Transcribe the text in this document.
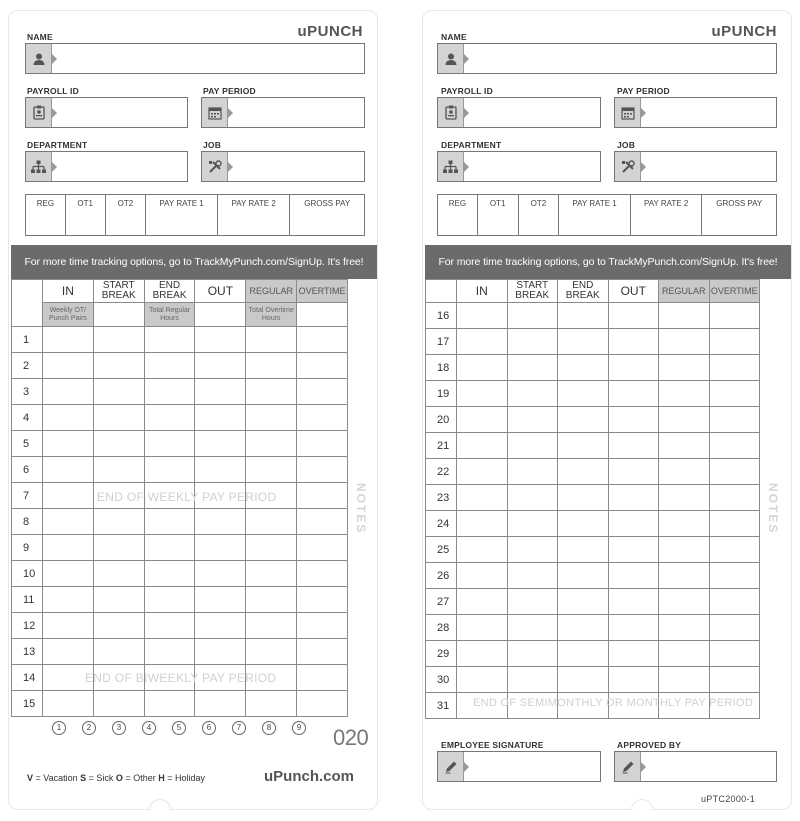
uPUNCH
NAME
PAYROLL ID	PAY PERIOD
DEPARTMENT	JOB
REG	OT1	OT2	PAY RATE 1	PAY RATE 2	GROSS PAY
For more time tracking options, go to TrackMyPunch.com/SignUp. It's free!
	IN	START BREAK	END BREAK	OUT	REGULAR	OVERTIME
	Weekly OT/ Punch Pairs		Total Regular Hours		Total Overtime Hours	
1						
2						
3						
4						
5						
6						
7						
8						
9						
10						
11						
12						
13						
14						
15						
END OF WEEKLY PAY PERIOD
END OF BIWEEKLY PAY PERIOD
NOTES
1	2	3	4	5	6	7	8	9 020
V = Vacation S = Sick O = Other H = Holiday	uPunch.com
uPUNCH
NAME
PAYROLL ID	PAY PERIOD
DEPARTMENT	JOB
REG	OT1	OT2	PAY RATE 1	PAY RATE 2	GROSS PAY
For more time tracking options, go to TrackMyPunch.com/SignUp. It's free!
	IN	START BREAK	END BREAK	OUT	REGULAR	OVERTIME
16						
17						
18						
19						
20						
21						
22						
23						
24						
25						
26						
27						
28						
29						
30						
31						END OF SEMIMONTHLY OR MONTHLY PAY PERIOD
NOTES
EMPLOYEE SIGNATURE	APPROVED BY
uPTC2000-1
